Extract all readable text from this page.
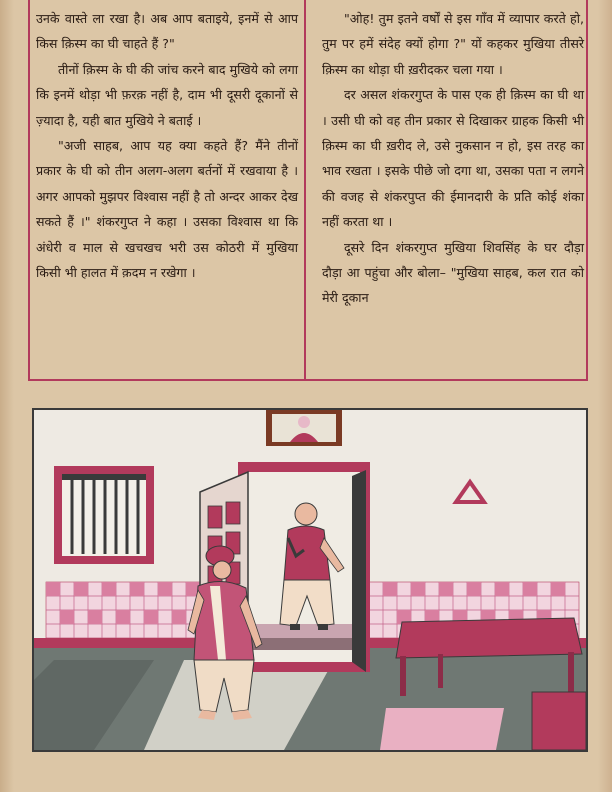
उनके वास्ते ला रखा है। अब आप बताइये, इनमें से आप किस क़िस्म का घी चाहते हैं ?"

तीनों क़िस्म के घी की जांच करने बाद मुखिये को लगा कि इनमें थोड़ा भी फ़रक़ नहीं है, दाम भी दूसरी दूकानों से ज़्यादा है, यही बात मुखिये ने बताई ।

"अजी साहब, आप यह क्या कहते हैं? मैंने तीनों प्रकार के घी को तीन अलग-अलग बर्तनों में रखवाया है । अगर आपको मुझपर विश्वास नहीं है तो अन्दर आकर देख सकते हैं ।" शंकरगुप्त ने कहा । उसका विश्वास था कि अंधेरी व माल से खचखच भरी उस कोठरी में मुखिया किसी भी हालत में क़दम न रखेगा ।

"ओह! तुम इतने वर्षों से इस गाँव में व्यापार करते हो, तुम पर हमें संदेह क्यों होगा ?" यों कहकर मुखिया तीसरे क़िस्म का थोड़ा घी ख़रीदकर चला गया ।

दर असल शंकरगुप्त के पास एक ही क़िस्म का घी था । उसी घी को वह तीन प्रकार से दिखाकर ग्राहक किसी भी क़िस्म का घी ख़रीद ले, उसे नुकसान न हो, इस तरह का भाव रखता । इसके पीछे जो दगा था, उसका पता न लगने की वजह से शंकरपुप्त की ईमानदारी के प्रति कोई शंका नहीं करता था ।

दूसरे दिन शंकरगुप्त मुखिया शिवसिंह के घर दौड़ा दौड़ा आ पहुंचा और बोला– "मुखिया साहब, कल रात को मेरी दूकान
